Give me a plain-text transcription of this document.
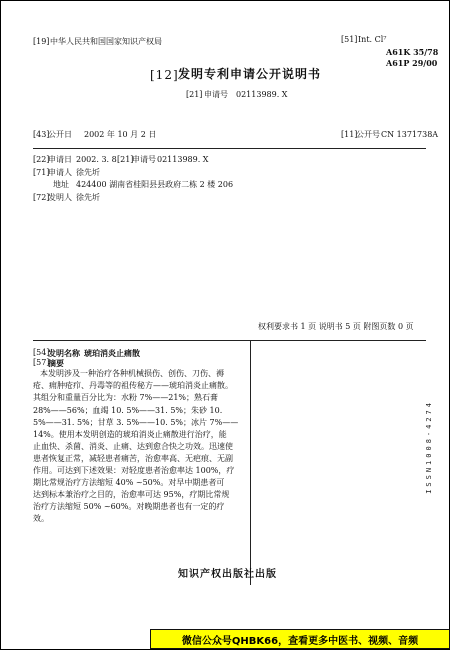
[19] 中华人民共和国国家知识产权局	[51] Int. Cl⁷
A61K 35/78
A61P 29/00
[12] 发明专利申请公开说明书
[21] 申请号 02113989. X
[43]
公开日 2002 年 10 月 2 日	[11]
公开号 CN 1371738A
[22]
申请日 2002. 3. 8 [21]
申请号 02113989. X
[71]
申请人 徐先圻
地址 424400 湖南省桂阳县县政府二栋 2 楼 206
[72]
发明人 徐先圻
权利要求书 1 页 说明书 5 页 附图页数 0 页
[54]
发明名称 琥珀消炎止痛散
[57]
摘要
本发明涉及一种治疗各种机械损伤、创伤、刀伤、褥
疮、痈肿疮疖、丹毒等的祖传秘方——琥珀消炎止痛散。
其组分和重量百分比为：水粉 7%——21%；熟石膏
28%——56%；血竭 10. 5%——31. 5%；朱砂 10.
5%——31. 5%；甘草 3. 5%——10. 5%；冰片 7%——
14%。使用本发明创造的琥珀消炎止痛散进行治疗，能
止血快、杀菌、消炎、止痛、达到愈合快之功效。迅速使
患者恢复正常，减轻患者痛苦，治愈率高、无疤痕、无副
作用。可达到下述效果：对轻度患者治愈率达 100%，疗
期比常规治疗方法缩短 40% ~50%。对早中期患者可
达到标本兼治疗之目的，治愈率可达 95%，疗期比常规
治疗方法缩短 50% ~60%。对晚期患者也有一定的疗
效。
ISSN1008-4274
知识产权出版社出版
微信公众号QHBK66，查看更多中医书、视频、音频
